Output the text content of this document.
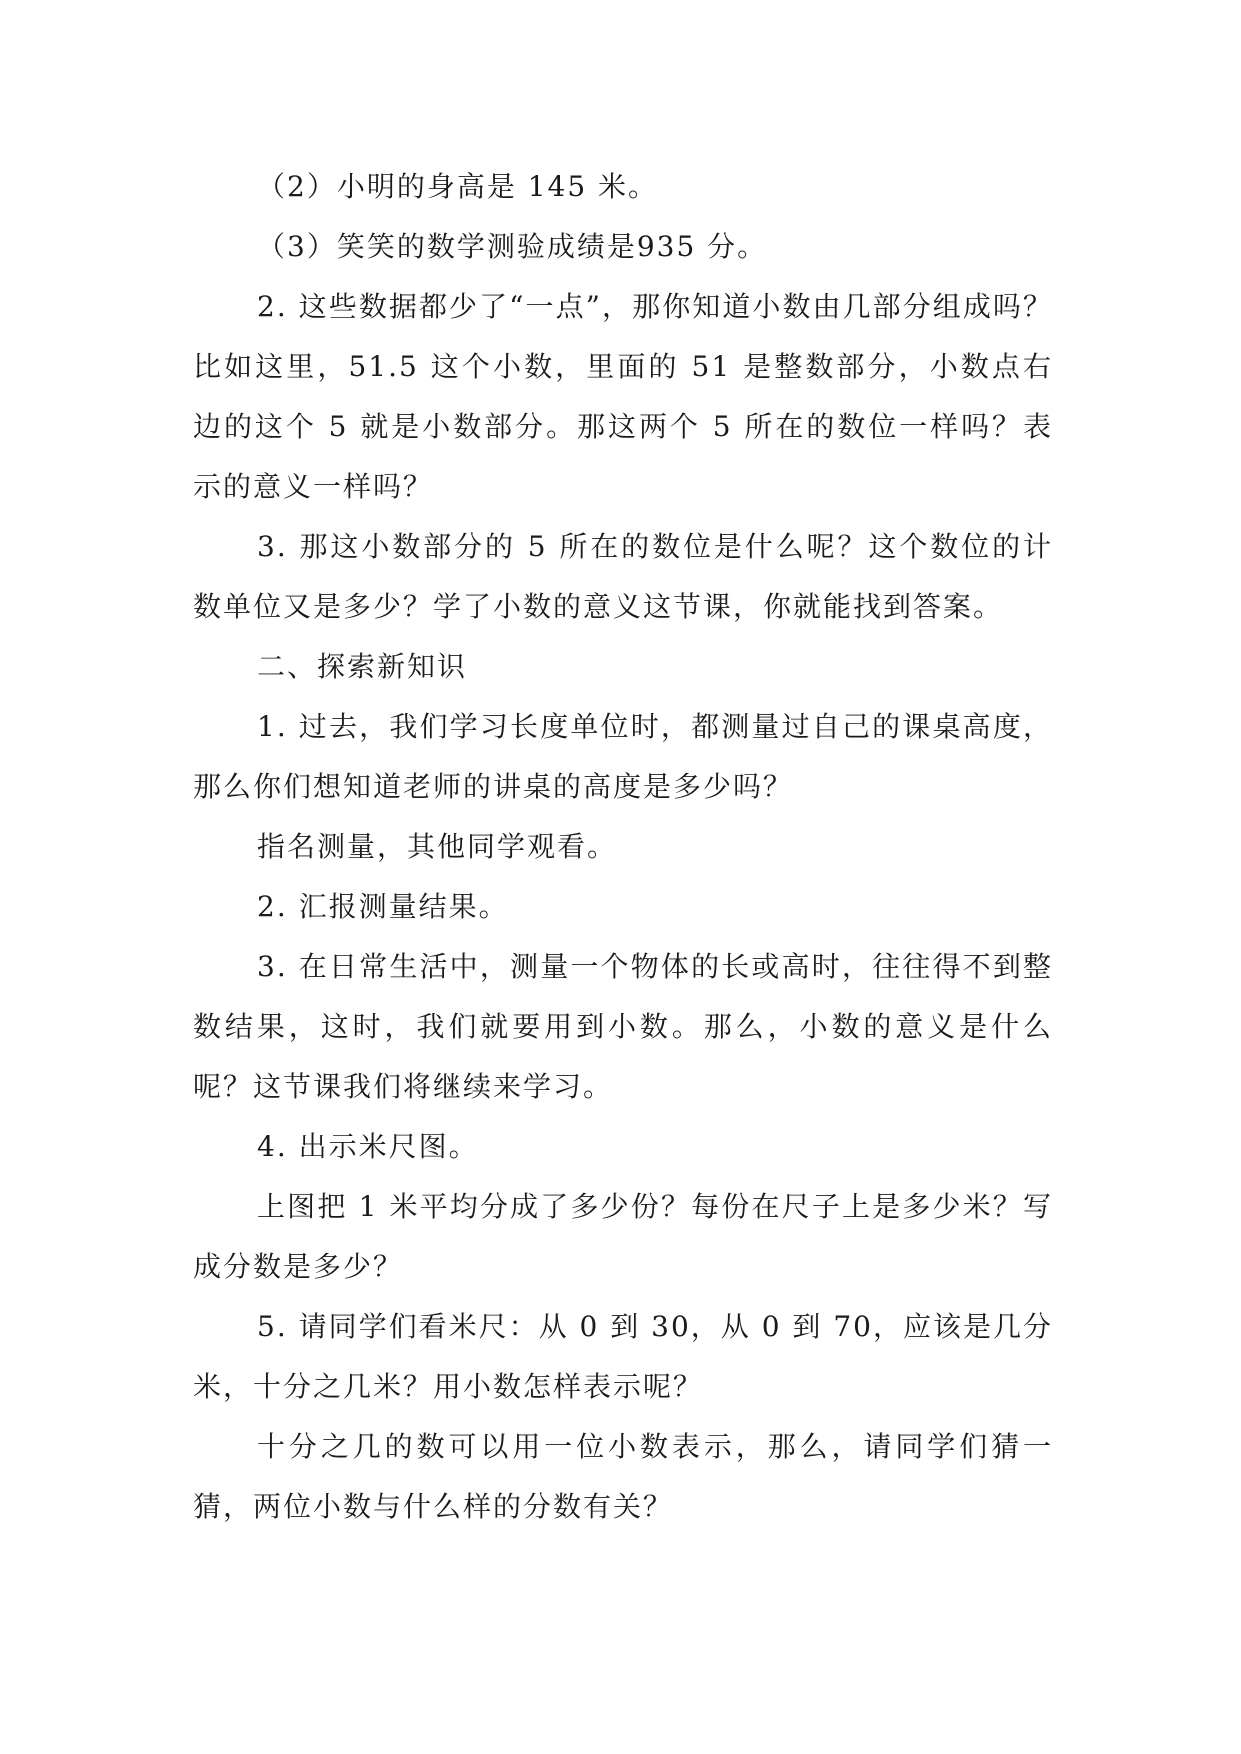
（2）小明的身高是 145 米。

（3）笑笑的数学测验成绩是935 分。

2. 这些数据都少了“一点”，那你知道小数由几部分组成吗？比如这里，51.5 这个小数，里面的 51 是整数部分，小数点右边的这个 5 就是小数部分。那这两个 5 所在的数位一样吗？表示的意义一样吗？

3. 那这小数部分的 5 所在的数位是什么呢？这个数位的计数单位又是多少？学了小数的意义这节课，你就能找到答案。

二、探索新知识

1. 过去，我们学习长度单位时，都测量过自己的课桌高度，那么你们想知道老师的讲桌的高度是多少吗？

指名测量，其他同学观看。

2. 汇报测量结果。

3. 在日常生活中，测量一个物体的长或高时，往往得不到整数结果，这时，我们就要用到小数。那么，小数的意义是什么呢？这节课我们将继续来学习。

4. 出示米尺图。

上图把 1 米平均分成了多少份？每份在尺子上是多少米？写成分数是多少？

5. 请同学们看米尺：从 0 到 30，从 0 到 70，应该是几分米，十分之几米？用小数怎样表示呢？

十分之几的数可以用一位小数表示，那么，请同学们猜一猜，两位小数与什么样的分数有关？
